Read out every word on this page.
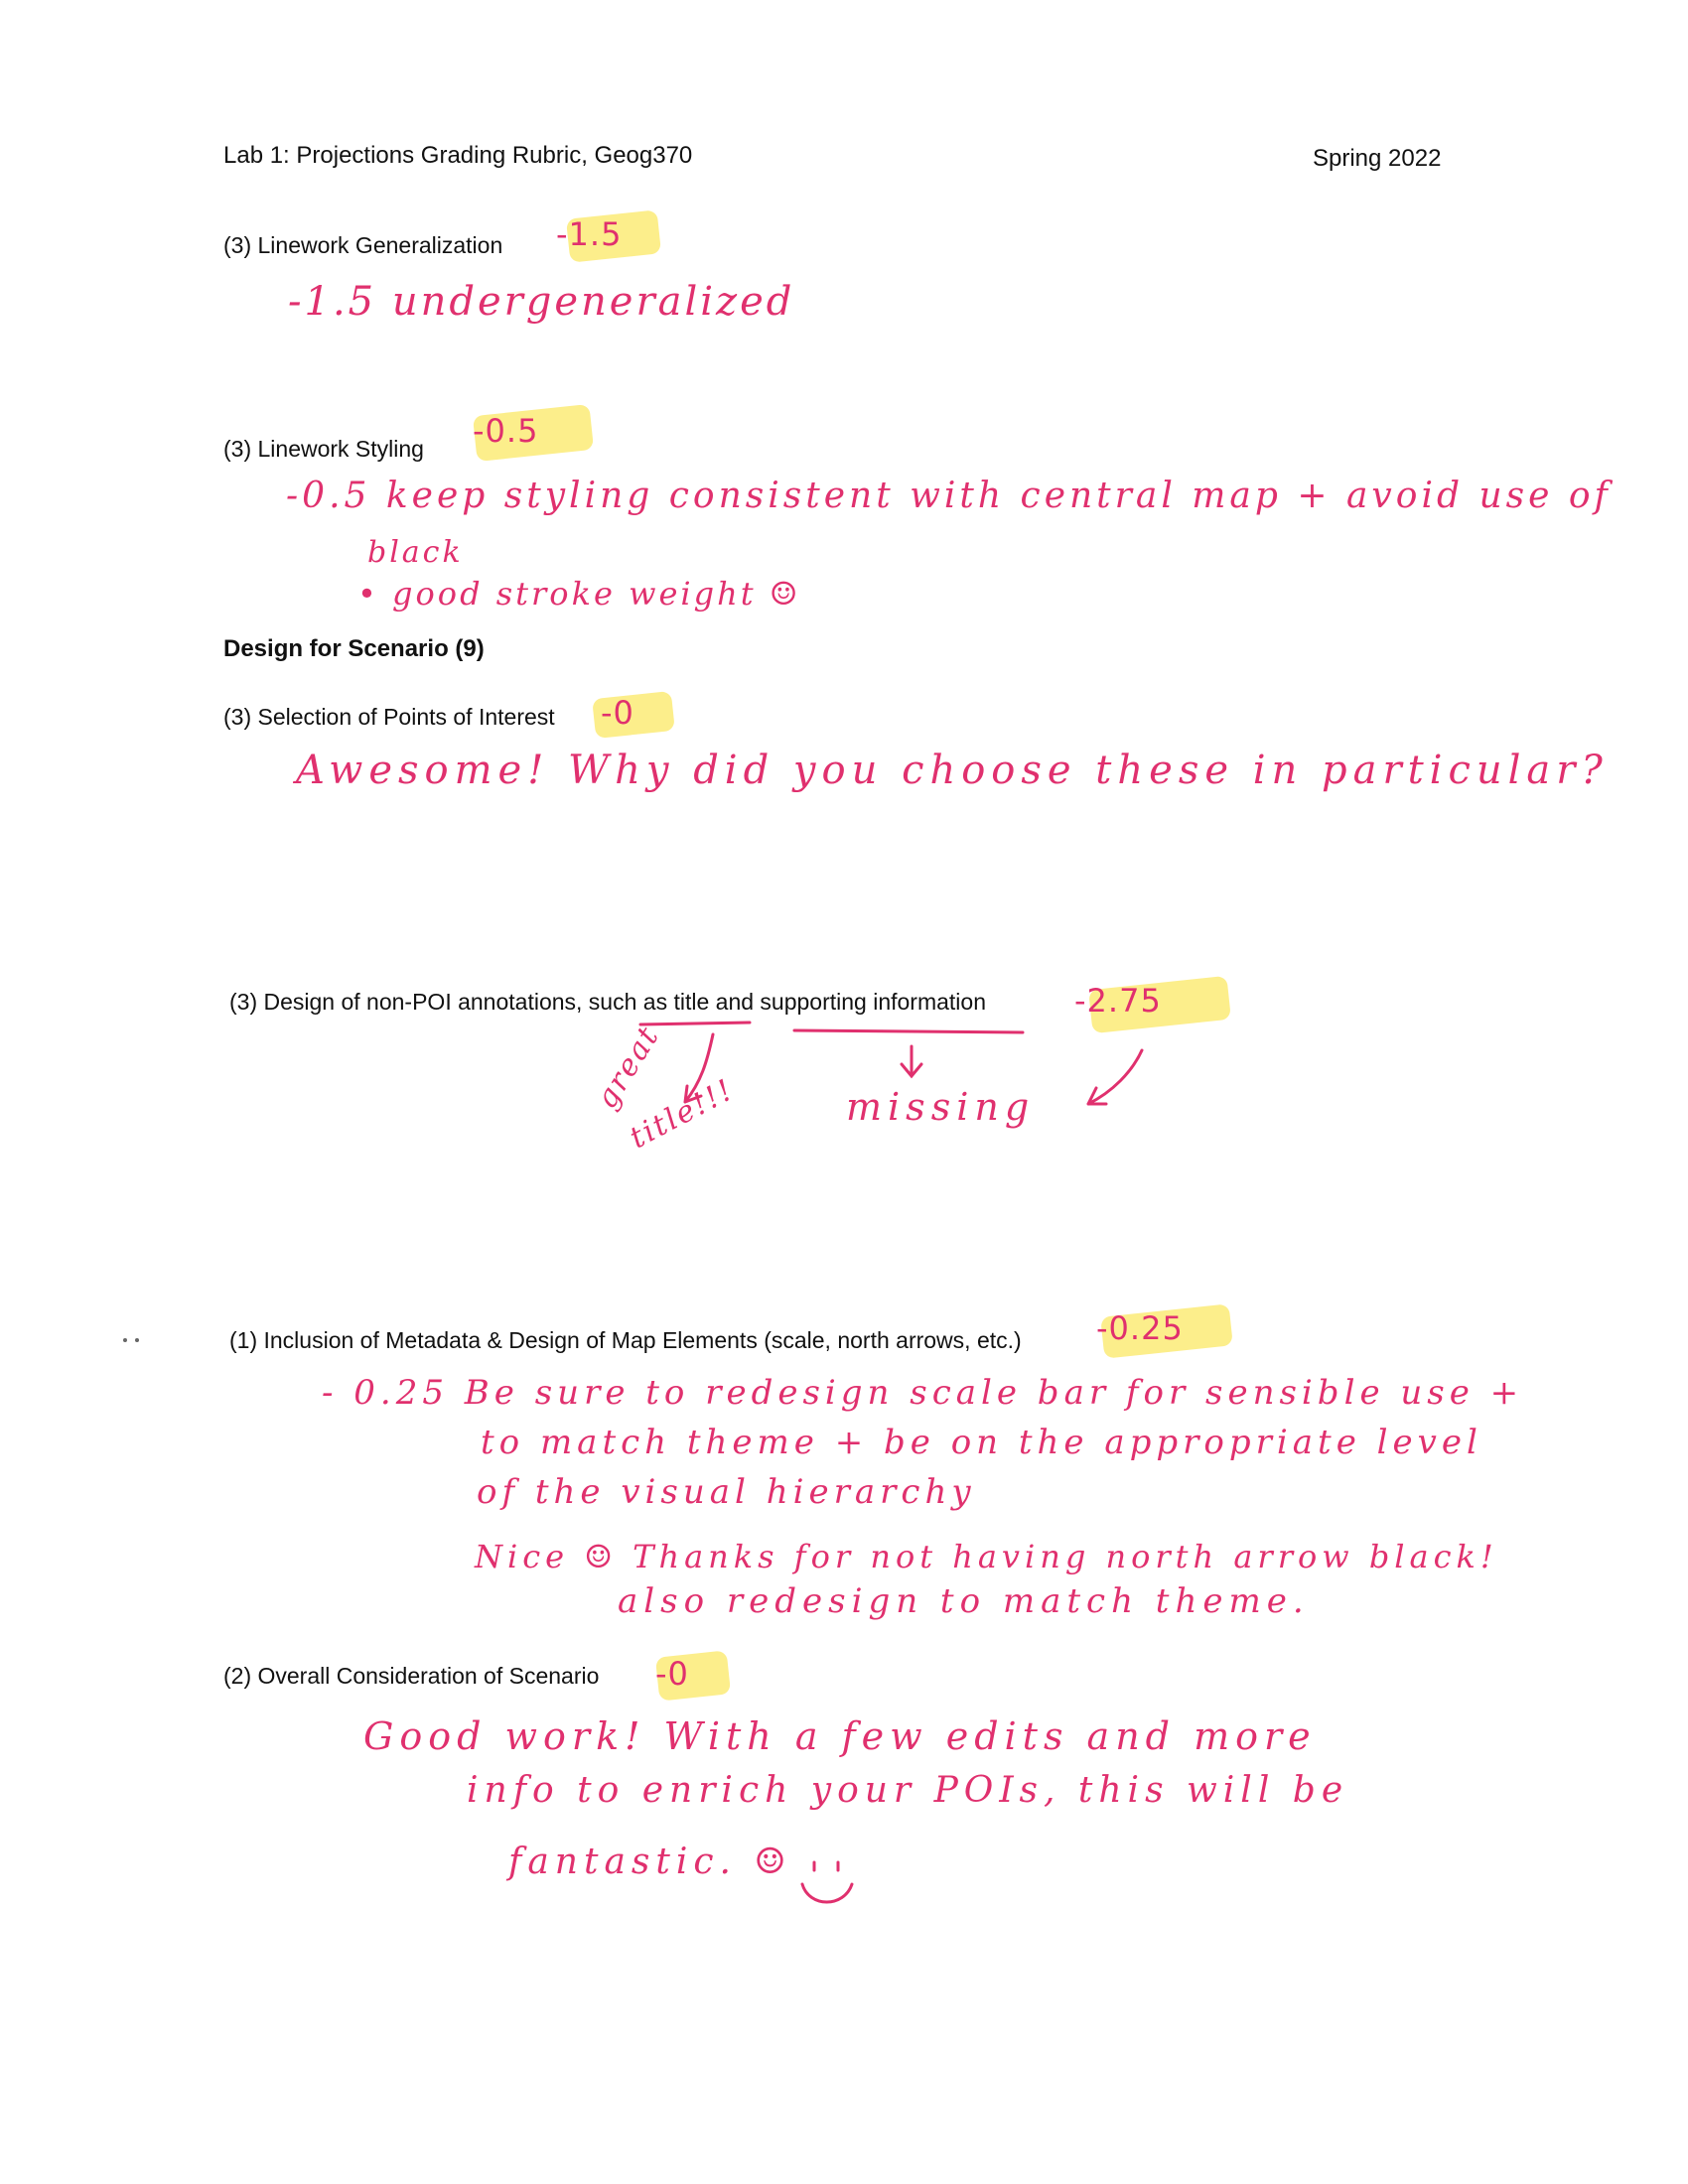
Lab 1: Projections Grading Rubric, Geog370	Spring 2022
(3) Linework Generalization -1.5
-1.5 undergeneralized
(3) Linework Styling -0.5
-0.5 keep styling consistent with central map + avoid use of
black
• good stroke weight ☺
Design for Scenario (9)
(3) Selection of Points of Interest -0
Awesome! Why did you choose these in particular?
(3) Design of non-POI annotations, such as title and supporting information	-2.75
great
title!!!	missing
(1) Inclusion of Metadata & Design of Map Elements (scale, north arrows, etc.) -0.25
- 0.25 Be sure to redesign scale bar for sensible use +
to match theme + be on the appropriate level
of the visual hierarchy
Nice ☺ Thanks for not having north arrow black!
also redesign to match theme.
(2) Overall Consideration of Scenario -0
Good work! With a few edits and more
info to enrich your POIs, this will be
fantastic. ☺
